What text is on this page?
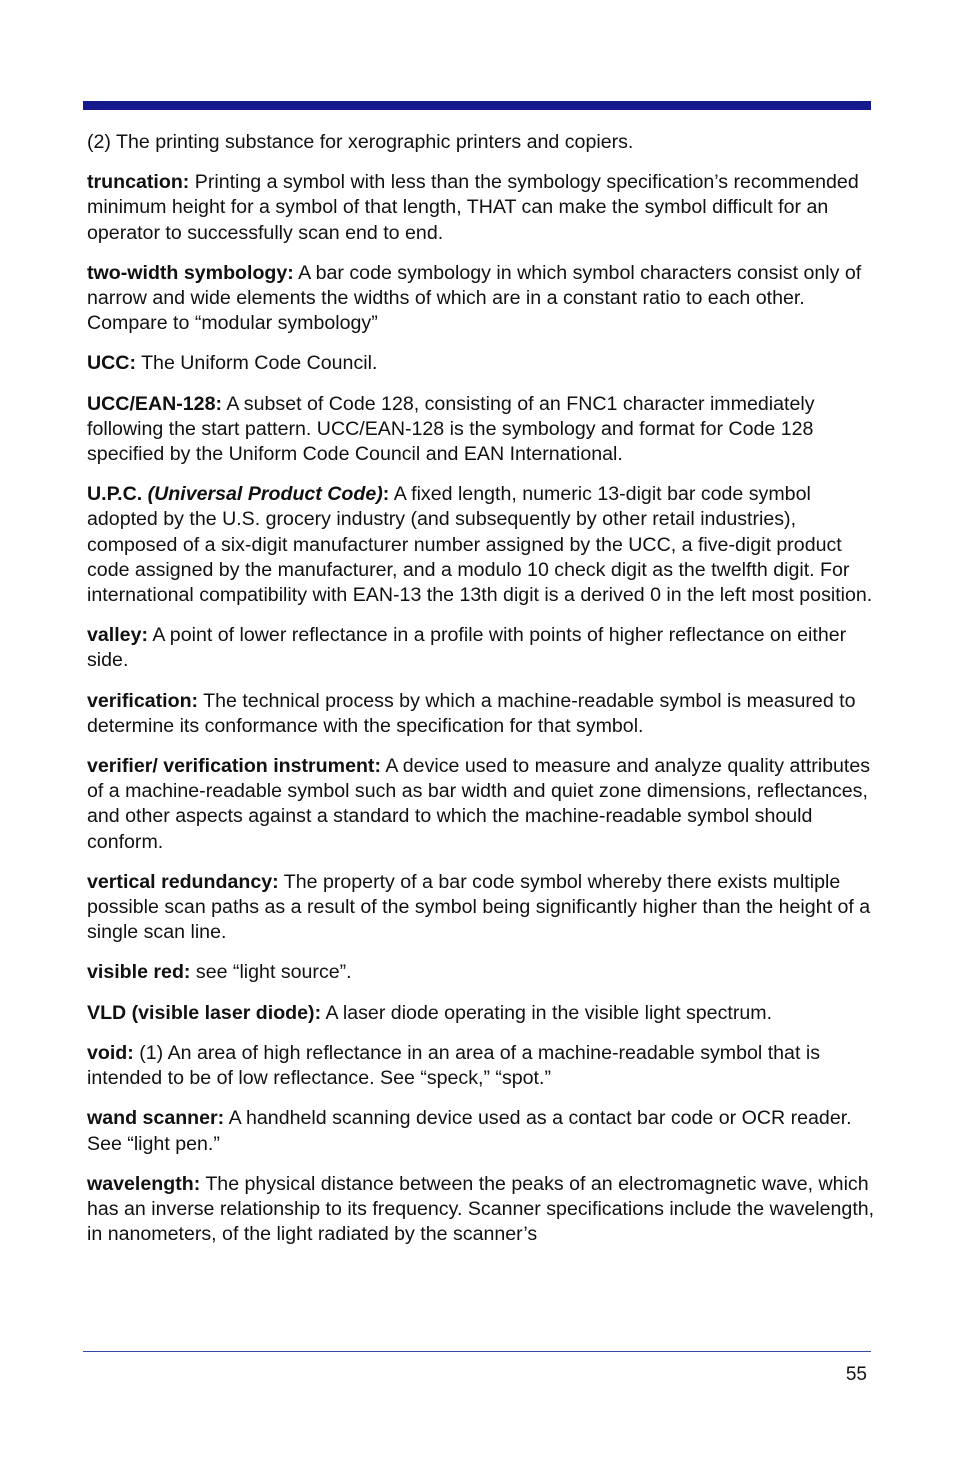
(2) The printing substance for xerographic printers and copiers.

truncation: Printing a symbol with less than the symbology specification’s recommended minimum height for a symbol of that length, THAT can make the symbol difficult for an operator to successfully scan end to end.

two-width symbology: A bar code symbology in which symbol characters consist only of narrow and wide elements the widths of which are in a constant ratio to each other. Compare to “modular symbology”

UCC: The Uniform Code Council.

UCC/EAN-128: A subset of Code 128, consisting of an FNC1 character immediately following the start pattern. UCC/EAN-128 is the symbology and format for Code 128 specified by the Uniform Code Council and EAN International.

U.P.C. (Universal Product Code): A fixed length, numeric 13-digit bar code symbol adopted by the U.S. grocery industry (and subsequently by other retail industries), composed of a six-digit manufacturer number assigned by the UCC, a five-digit product code assigned by the manufacturer, and a modulo 10 check digit as the twelfth digit. For international compatibility with EAN-13 the 13th digit is a derived 0 in the left most position.

valley: A point of lower reflectance in a profile with points of higher reflectance on either side.

verification: The technical process by which a machine-readable symbol is measured to determine its conformance with the specification for that symbol.

verifier/ verification instrument: A device used to measure and analyze quality attributes of a machine-readable symbol such as bar width and quiet zone dimensions, reflectances, and other aspects against a standard to which the machine-readable symbol should conform.

vertical redundancy: The property of a bar code symbol whereby there exists multiple possible scan paths as a result of the symbol being significantly higher than the height of a single scan line.

visible red: see “light source”.

VLD (visible laser diode): A laser diode operating in the visible light spectrum.

void: (1) An area of high reflectance in an area of a machine-readable symbol that is intended to be of low reflectance. See “speck,” “spot.”

wand scanner: A handheld scanning device used as a contact bar code or OCR reader. See “light pen.”

wavelength: The physical distance between the peaks of an electromagnetic wave, which has an inverse relationship to its frequency. Scanner specifications include the wavelength, in nanometers, of the light radiated by the scanner’s

55
